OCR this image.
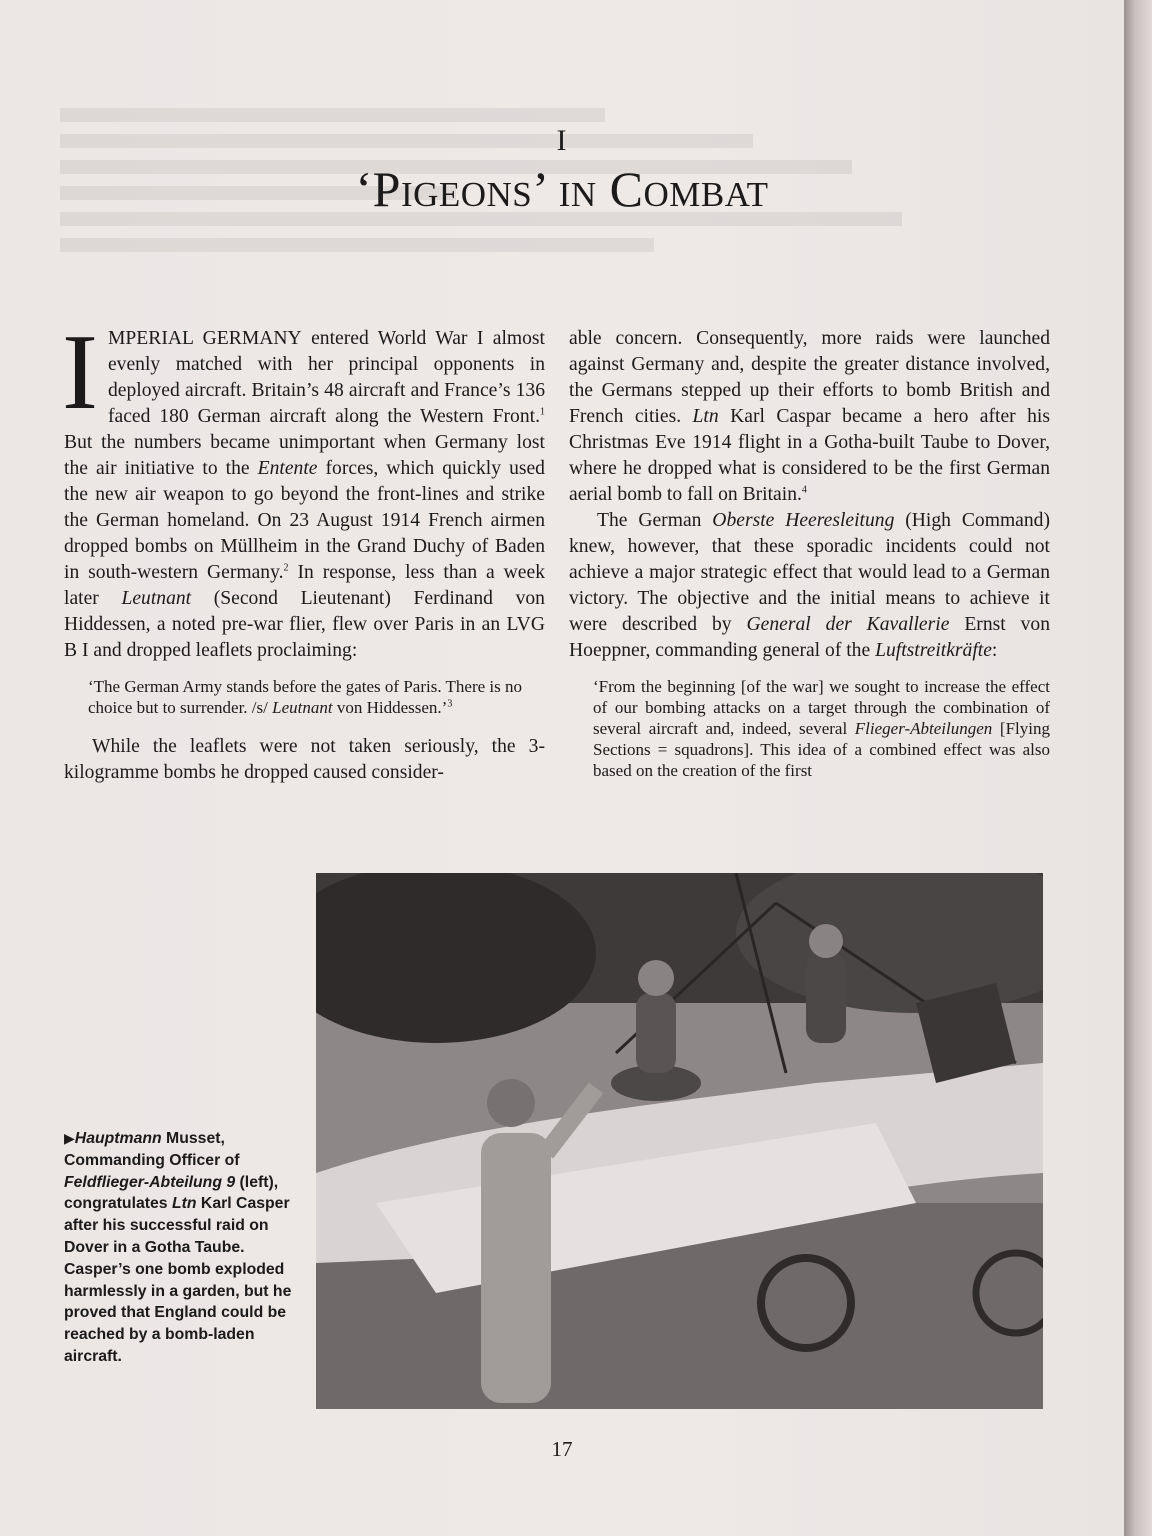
I
‘Pigeons’ in Combat

IMPERIAL GERMANY entered World War I almost evenly matched with her principal opponents in deployed aircraft. Britain’s 48 aircraft and France’s 136 faced 180 German aircraft along the Western Front.$^1$ But the numbers became unimportant when Germany lost the air initiative to the Entente forces, which quickly used the new air weapon to go beyond the front-lines and strike the German homeland. On 23 August 1914 French airmen dropped bombs on Müllheim in the Grand Duchy of Baden in south-western Germany.$^2$ In response, less than a week later Leutnant (Second Lieutenant) Ferdinand von Hiddessen, a noted pre-war flier, flew over Paris in an LVG B I and dropped leaflets proclaiming:

‘The German Army stands before the gates of Paris. There is no choice but to surrender. /s/ Leutnant von Hiddessen.’$^3$

While the leaflets were not taken seriously, the 3-kilogramme bombs he dropped caused consider-

able concern. Consequently, more raids were launched against Germany and, despite the greater distance involved, the Germans stepped up their efforts to bomb British and French cities. Ltn Karl Caspar became a hero after his Christmas Eve 1914 flight in a Gotha-built Taube to Dover, where he dropped what is considered to be the first German aerial bomb to fall on Britain.$^4$

The German Oberste Heeresleitung (High Command) knew, however, that these sporadic incidents could not achieve a major strategic effect that would lead to a German victory. The objective and the initial means to achieve it were described by General der Kavallerie Ernst von Hoeppner, commanding general of the Luftstreitkräfte:

‘From the beginning [of the war] we sought to increase the effect of our bombing attacks on a target through the combination of several aircraft and, indeed, several Flieger-Abteilungen [Flying Sections = squadrons]. This idea of a combined effect was also based on the creation of the first

▶Hauptmann Musset, Commanding Officer of Feldflieger-Abteilung 9 (left), congratulates Ltn Karl Casper after his successful raid on Dover in a Gotha Taube. Casper’s one bomb exploded harmlessly in a garden, but he proved that England could be reached by a bomb-laden aircraft.
17
